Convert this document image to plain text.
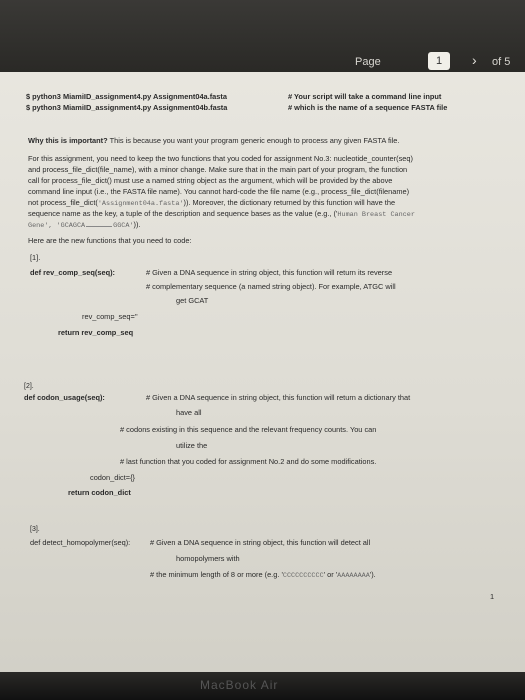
Page	1	› of 5
$ python3 MiamiID_assignment4.py Assignment04a.fasta	# Your script will take a command line input
$ python3 MiamiID_assignment4.py Assignment04b.fasta	# which is the name of a sequence FASTA file
Why this is important? This is because you want your program generic enough to process any given FASTA file.
For this assignment, you need to keep the two functions that you coded for assignment No.3: nucleotide_counter(seq)
and process_file_dict(file_name), with a minor change. Make sure that in the main part of your program, the function
call for process_file_dict() must use a named string object as the argument, which will be provided by the above
command line input (i.e., the FASTA file name). You cannot hard-code the file name (e.g., process_file_dict(filename)
not process_file_dict('Assignment04a.fasta')). Moreover, the dictionary returned by this function will have the
sequence name as the key, a tuple of the description and sequence bases as the value (e.g., ('Human Breast Cancer
Gene', 'GCAGCA	GGCA')).
Here are the new functions that you need to code:
[1].
def rev_comp_seq(seq):	# Given a DNA sequence in string object, this function will return its reverse
# complementary sequence (a named string object). For example, ATGC will
get GCAT
rev_comp_seq=''
return rev_comp_seq
[2].
def codon_usage(seq):	# Given a DNA sequence in string object, this function will return a dictionary that
have all
# codons existing in this sequence and the relevant frequency counts. You can
utilize the
# last function that you coded for assignment No.2 and do some modifications.
codon_dict={}
return codon_dict
[3].
def detect_homopolymer(seq):	# Given a DNA sequence in string object, this function will detect all
homopolymers with
# the minimum length of 8 or more (e.g. 'CCCCCCCCCC' or 'AAAAAAAA').
1
MacBook Air
